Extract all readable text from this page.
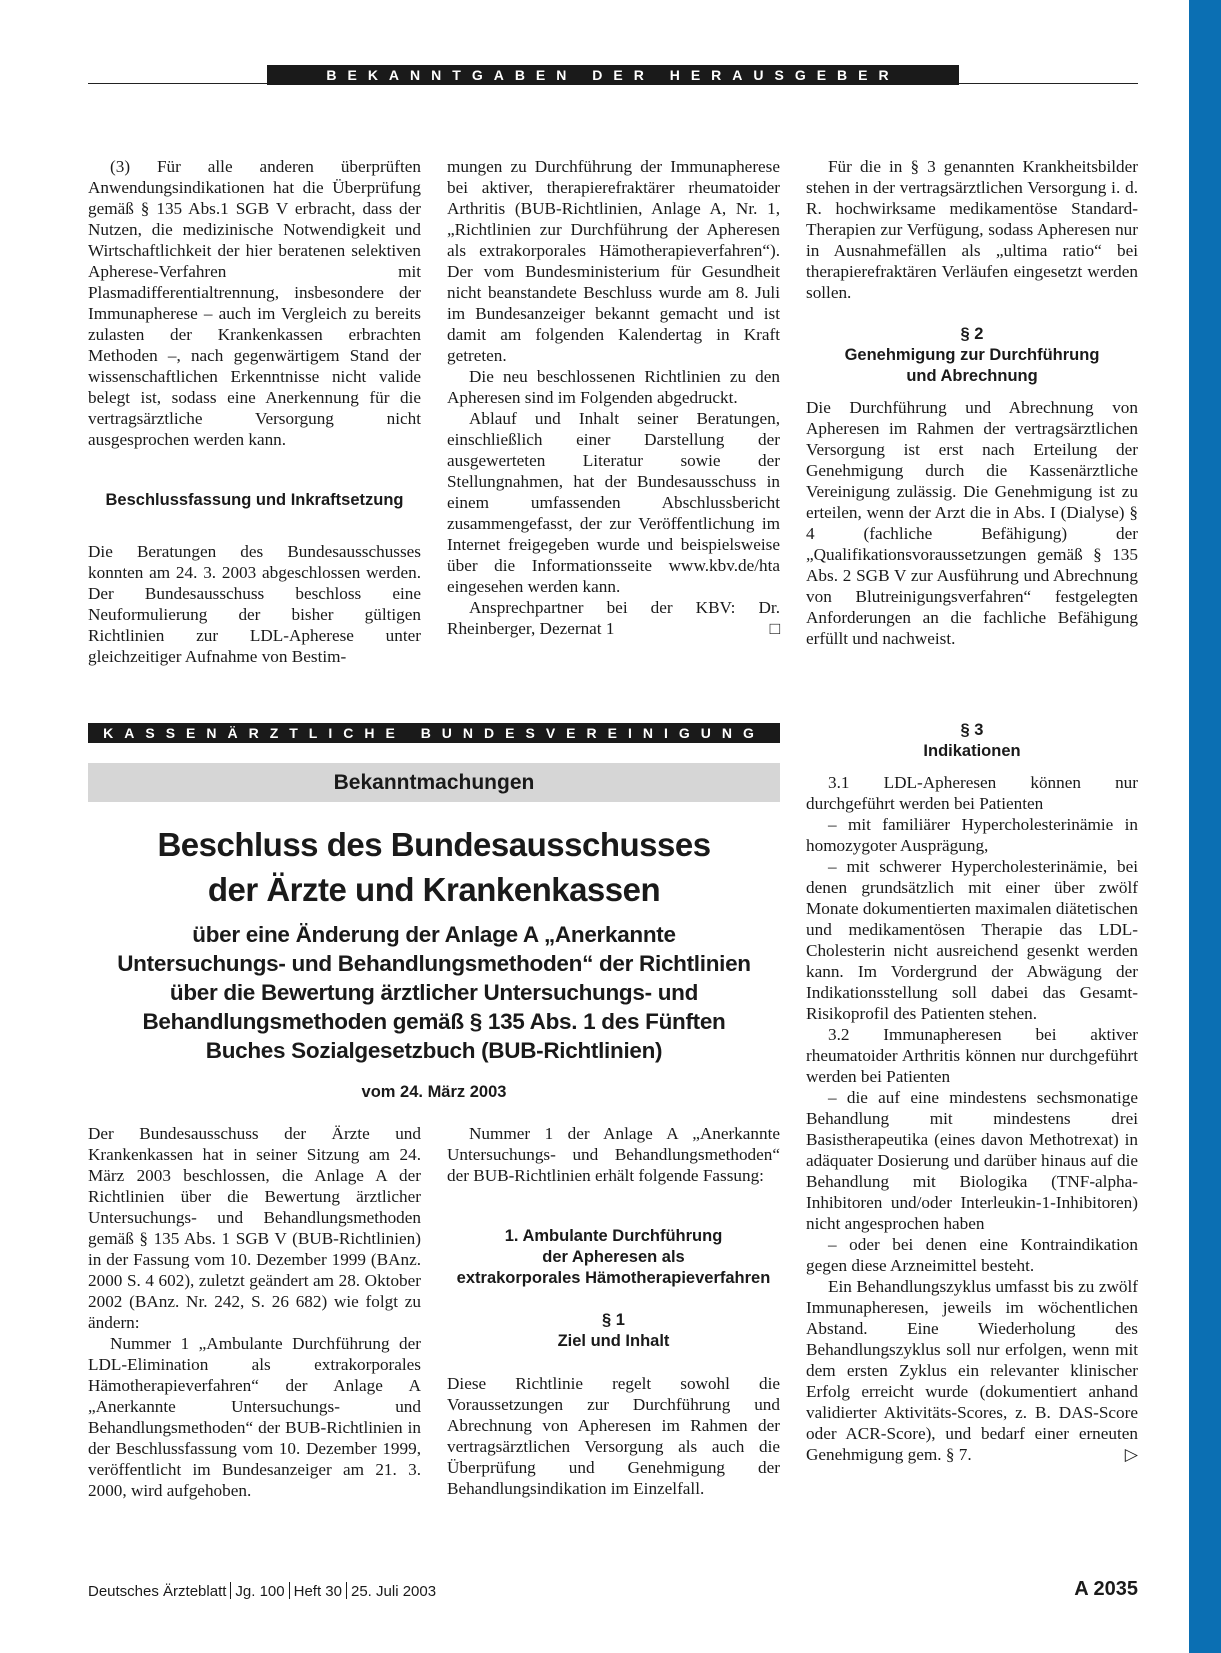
BEKANNTGABEN DER HERAUSGEBER

(3) Für alle anderen überprüften Anwendungsindikationen hat die Überprüfung gemäß § 135 Abs.1 SGB V erbracht, dass der Nutzen, die medizinische Notwendigkeit und Wirtschaftlichkeit der hier beratenen selektiven Apherese-Verfahren mit Plasmadifferentialtrennung, insbesondere der Immunapherese – auch im Vergleich zu bereits zulasten der Krankenkassen erbrachten Methoden –, nach gegenwärtigem Stand der wissenschaftlichen Erkenntnisse nicht valide belegt ist, sodass eine Anerkennung für die vertragsärztliche Versorgung nicht ausgesprochen werden kann.

Beschlussfassung und Inkraftsetzung

Die Beratungen des Bundesausschusses konnten am 24. 3. 2003 abgeschlossen werden. Der Bundesausschuss beschloss eine Neuformulierung der bisher gültigen Richtlinien zur LDL-Apherese unter gleichzeitiger Aufnahme von Bestim-

mungen zu Durchführung der Immunapherese bei aktiver, therapierefraktärer rheumatoider Arthritis (BUB-Richtlinien, Anlage A, Nr. 1, „Richtlinien zur Durchführung der Apheresen als extrakorporales Hämotherapieverfahren“). Der vom Bundesministerium für Gesundheit nicht beanstandete Beschluss wurde am 8. Juli im Bundesanzeiger bekannt gemacht und ist damit am folgenden Kalendertag in Kraft getreten.

Die neu beschlossenen Richtlinien zu den Apheresen sind im Folgenden abgedruckt.

Ablauf und Inhalt seiner Beratungen, einschließlich einer Darstellung der ausgewerteten Literatur sowie der Stellungnahmen, hat der Bundesausschuss in einem umfassenden Abschlussbericht zusammengefasst, der zur Veröffentlichung im Internet freigegeben wurde und beispielsweise über die Informationsseite www.kbv.de/hta eingesehen werden kann.

Ansprechpartner bei der KBV: Dr. Rheinberger, Dezernat 1	□

Für die in § 3 genannten Krankheitsbilder stehen in der vertragsärztlichen Versorgung i. d. R. hochwirksame medikamentöse Standard-Therapien zur Verfügung, sodass Apheresen nur in Ausnahmefällen als „ultima ratio“ bei therapierefraktären Verläufen eingesetzt werden sollen.

§ 2

Genehmigung zur Durchführung

und Abrechnung

Die Durchführung und Abrechnung von Apheresen im Rahmen der vertragsärztlichen Versorgung ist erst nach Erteilung der Genehmigung durch die Kassenärztliche Vereinigung zulässig. Die Genehmigung ist zu erteilen, wenn der Arzt die in Abs. I (Dialyse) § 4 (fachliche Befähigung) der „Qualifikationsvoraussetzungen gemäß § 135 Abs. 2 SGB V zur Ausführung und Abrechnung von Blutreinigungsverfahren“ festgelegten Anforderungen an die fachliche Befähigung erfüllt und nachweist.

KASSENÄRZTLICHE BUNDESVEREINIGUNG
Bekanntmachungen
Beschluss des Bundesausschusses
der Ärzte und Krankenkassen
über eine Änderung der Anlage A „Anerkannte
Untersuchungs- und Behandlungsmethoden“ der Richtlinien
über die Bewertung ärztlicher Untersuchungs- und
Behandlungsmethoden gemäß § 135 Abs. 1 des Fünften
Buches Sozialgesetzbuch (BUB-Richtlinien)
vom 24. März 2003

Der Bundesausschuss der Ärzte und Krankenkassen hat in seiner Sitzung am 24. März 2003 beschlossen, die Anlage A der Richtlinien über die Bewertung ärztlicher Untersuchungs- und Behandlungsmethoden gemäß § 135 Abs. 1 SGB V (BUB-Richtlinien) in der Fassung vom 10. Dezember 1999 (BAnz. 2000 S. 4 602), zuletzt geändert am 28. Oktober 2002 (BAnz. Nr. 242, S. 26 682) wie folgt zu ändern:

Nummer 1 „Ambulante Durchführung der LDL-Elimination als extrakorporales Hämotherapieverfahren“ der Anlage A „Anerkannte Untersuchungs- und Behandlungsmethoden“ der BUB-Richtlinien in der Beschlussfassung vom 10. Dezember 1999, veröffentlicht im Bundesanzeiger am 21. 3. 2000, wird aufgehoben.

Nummer 1 der Anlage A „Anerkannte Untersuchungs- und Behandlungsmethoden“ der BUB-Richtlinien erhält folgende Fassung:

1. Ambulante Durchführung

der Apheresen als

extrakorporales Hämotherapieverfahren

§ 1

Ziel und Inhalt

Diese Richtlinie regelt sowohl die Voraussetzungen zur Durchführung und Abrechnung von Apheresen im Rahmen der vertragsärztlichen Versorgung als auch die Überprüfung und Genehmigung der Behandlungsindikation im Einzelfall.

§ 3

Indikationen

3.1 LDL-Apheresen können nur durchgeführt werden bei Patienten

– mit familiärer Hypercholesterinämie in homozygoter Ausprägung,

– mit schwerer Hypercholesterinämie, bei denen grundsätzlich mit einer über zwölf Monate dokumentierten maximalen diätetischen und medikamentösen Therapie das LDL-Cholesterin nicht ausreichend gesenkt werden kann. Im Vordergrund der Abwägung der Indikationsstellung soll dabei das Gesamt-Risikoprofil des Patienten stehen.

3.2 Immunapheresen bei aktiver rheumatoider Arthritis können nur durchgeführt werden bei Patienten

– die auf eine mindestens sechsmonatige Behandlung mit mindestens drei Basistherapeutika (eines davon Methotrexat) in adäquater Dosierung und darüber hinaus auf die Behandlung mit Biologika (TNF-alpha-Inhibitoren und/oder Interleukin-1-Inhibitoren) nicht angesprochen haben

– oder bei denen eine Kontraindikation gegen diese Arzneimittel besteht.

Ein Behandlungszyklus umfasst bis zu zwölf Immunapheresen, jeweils im wöchentlichen Abstand. Eine Wiederholung des Behandlungszyklus soll nur erfolgen, wenn mit dem ersten Zyklus ein relevanter klinischer Erfolg erreicht wurde (dokumentiert anhand validierter Aktivitäts-Scores, z. B. DAS-Score oder ACR-Score), und bedarf einer erneuten Genehmigung gem. § 7.	▷

Deutsches Ärzteblatt Jg. 100 Heft 30 25. Juli 2003	A 2035
